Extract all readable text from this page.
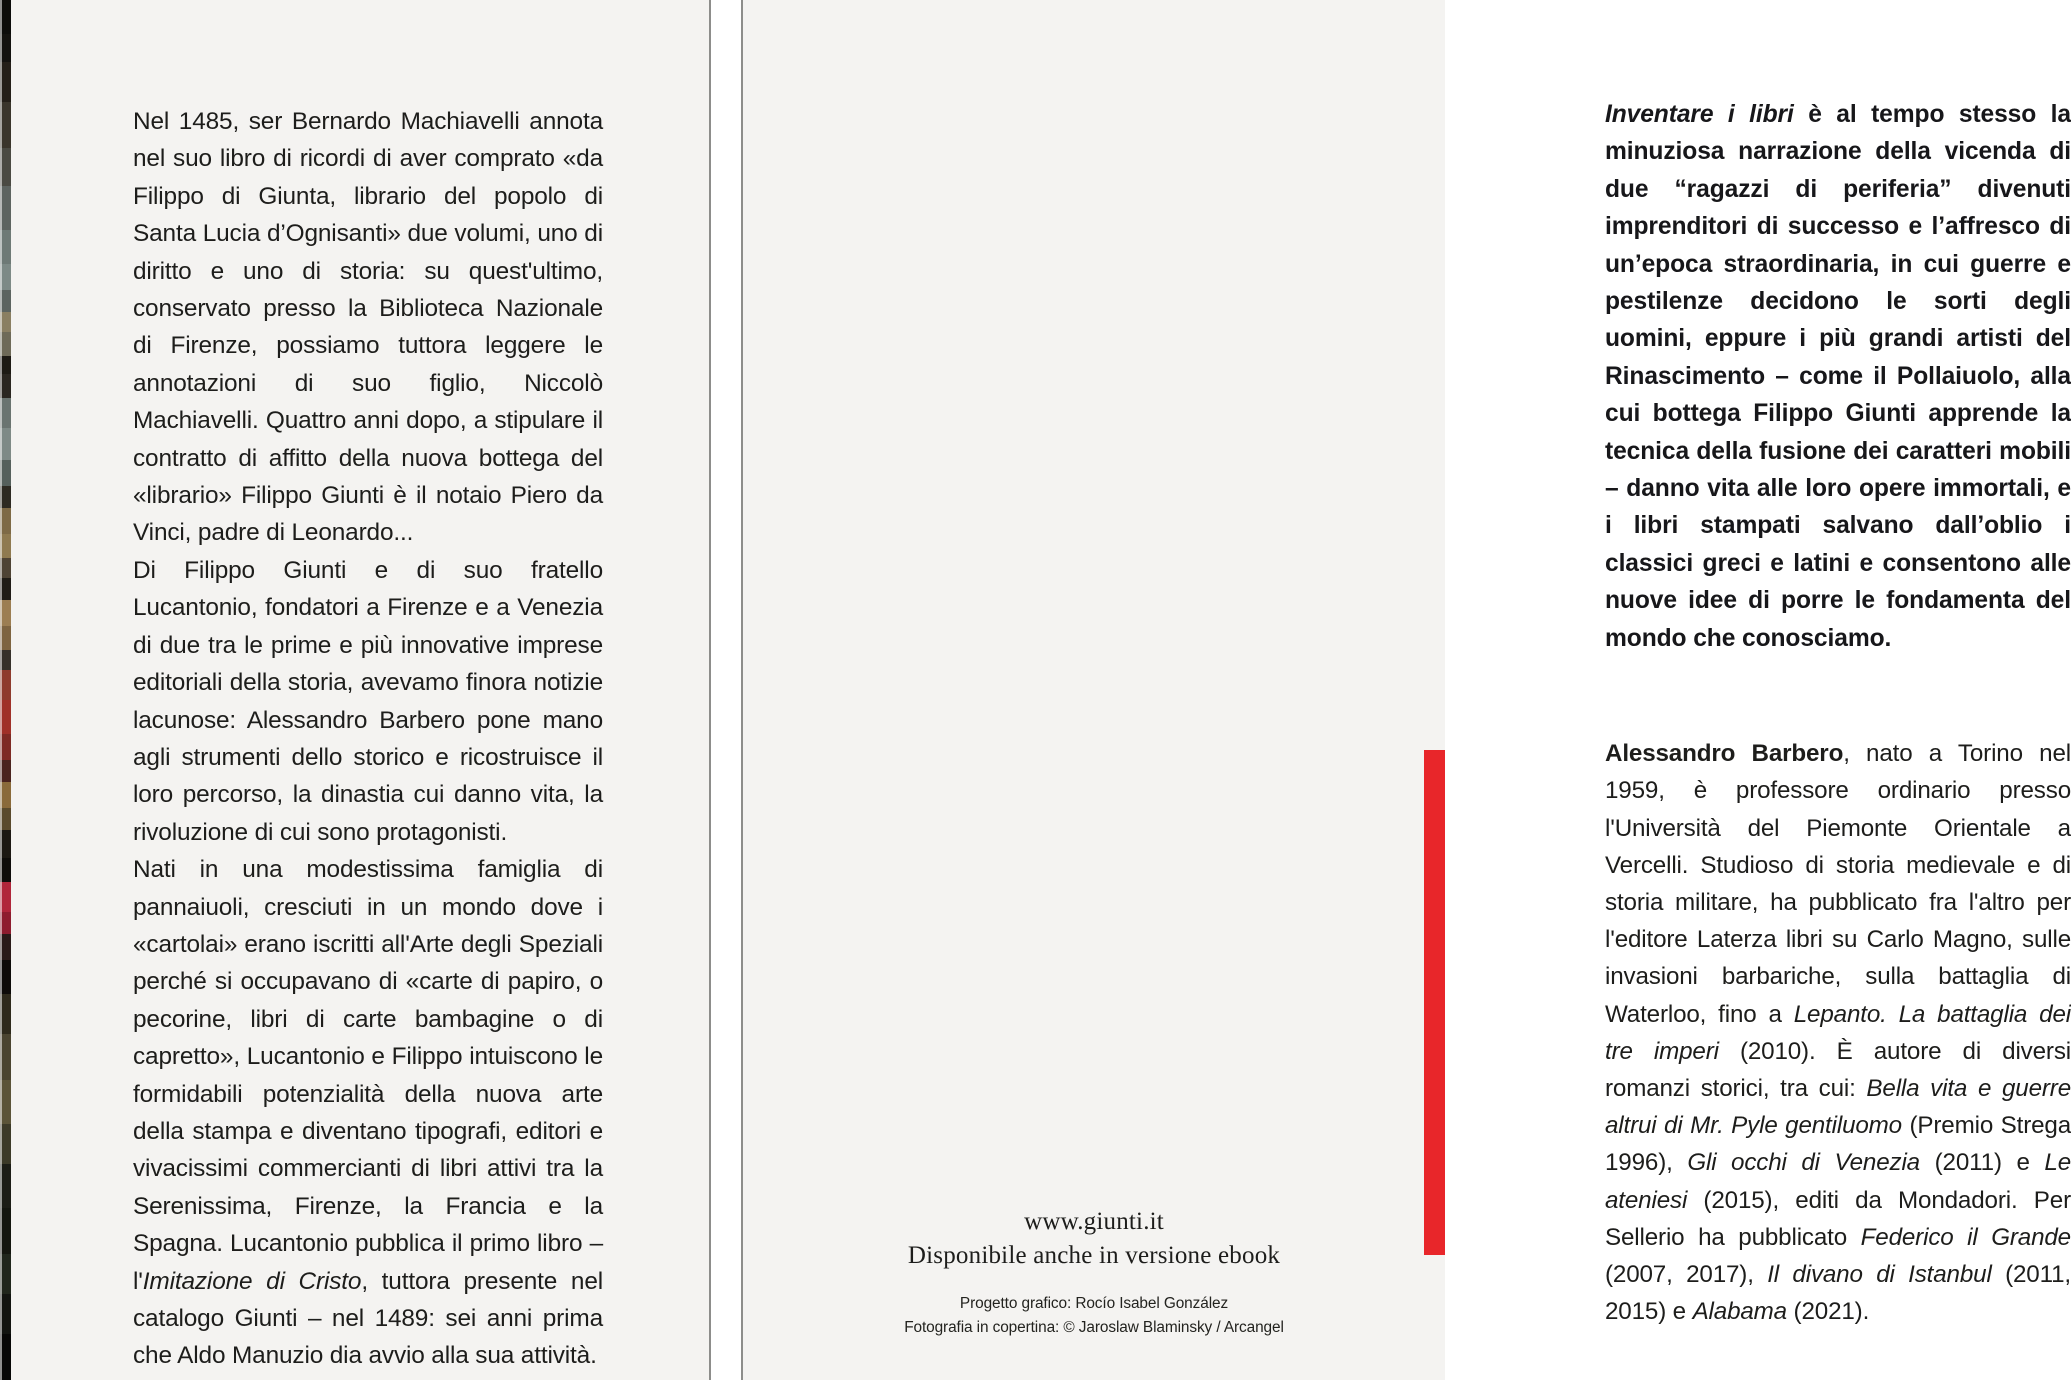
Nel 1485, ser Bernardo Machiavelli annota nel suo libro di ricordi di aver comprato «da Filippo di Giunta, librario del popolo di Santa Lucia d’Ognisanti» due volumi, uno di diritto e uno di storia: su quest'ultimo, conservato presso la Biblioteca Nazionale di Firenze, possiamo tuttora leggere le annotazioni di suo figlio, Niccolò Machiavelli. Quattro anni dopo, a stipulare il contratto di affitto della nuova bottega del «librario» Filippo Giunti è il notaio Piero da Vinci, padre di Leonardo...

Di Filippo Giunti e di suo fratello Lucantonio, fondatori a Firenze e a Venezia di due tra le prime e più innovative imprese editoriali della storia, avevamo finora notizie lacunose: Alessandro Barbero pone mano agli strumenti dello storico e ricostruisce il loro percorso, la dinastia cui danno vita, la rivoluzione di cui sono protagonisti.

Nati in una modestissima famiglia di pannaiuoli, cresciuti in un mondo dove i «cartolai» erano iscritti all'Arte degli Speziali perché si occupavano di «carte di papiro, o pecorine, libri di carte bambagine o di capretto», Lucantonio e Filippo intuiscono le formidabili potenzialità della nuova arte della stampa e diventano tipografi, editori e vivacissimi commercianti di libri attivi tra la Serenissima, Firenze, la Francia e la Spagna. Lucantonio pubblica il primo libro – l'Imitazione di Cristo, tuttora presente nel catalogo Giunti – nel 1489: sei anni prima che Aldo Manuzio dia avvio alla sua attività.

Inventare i libri è al tempo stesso la minuziosa narrazione della vicenda di due “ragazzi di periferia” divenuti imprenditori di successo e l’affresco di un’epoca straordinaria, in cui guerre e pestilenze decidono le sorti degli uomini, eppure i più grandi artisti del Rinascimento – come il Pollaiuolo, alla cui bottega Filippo Giunti apprende la tecnica della fusione dei caratteri mobili – danno vita alle loro opere immortali, e i libri stampati salvano dall’oblio i classici greci e latini e consentono alle nuove idee di porre le fondamenta del mondo che conosciamo.

Alessandro Barbero, nato a Torino nel 1959, è professore ordinario presso l'Università del Piemonte Orientale a Vercelli. Studioso di storia medievale e di storia militare, ha pubblicato fra l'altro per l'editore Laterza libri su Carlo Magno, sulle invasioni barbariche, sulla battaglia di Waterloo, fino a Lepanto. La battaglia dei tre imperi (2010). È autore di diversi romanzi storici, tra cui: Bella vita e guerre altrui di Mr. Pyle gentiluomo (Premio Strega 1996), Gli occhi di Venezia (2011) e Le ateniesi (2015), editi da Mondadori. Per Sellerio ha pubblicato Federico il Grande (2007, 2017), Il divano di Istanbul (2011, 2015) e Alabama (2021).

www.giunti.it
Disponibile anche in versione ebook
Progetto grafico: Rocío Isabel González
Fotografia in copertina: © Jaroslaw Blaminsky / Arcangel
